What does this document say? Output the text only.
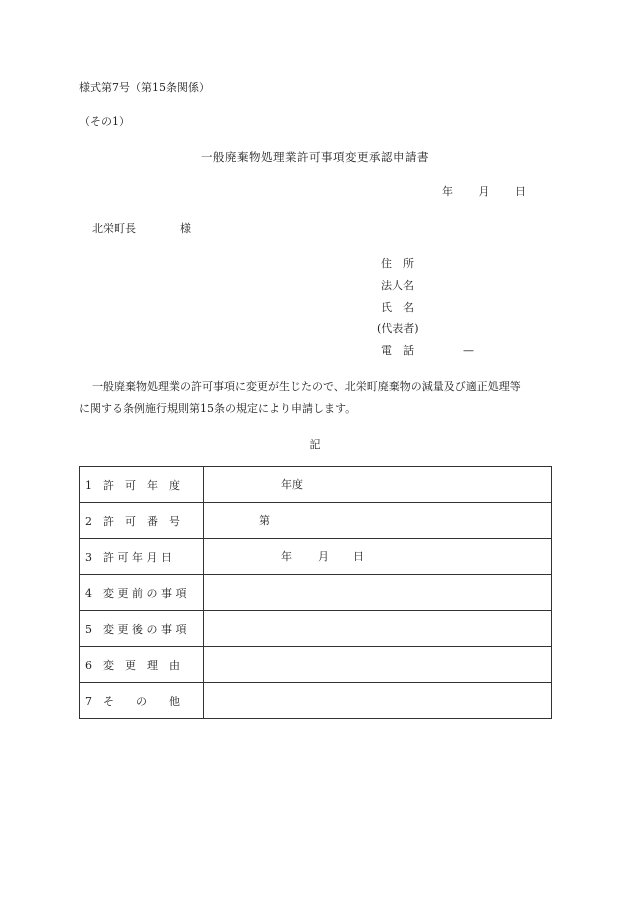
様式第7号（第15条関係）
（その1）
一般廃棄物処理業許可事項変更承認申請書
年 月 日
北栄町長	様
住　所
法人名
氏　名
(代表者)
電　話	—
一般廃棄物処理業の許可事項に変更が生じたので、北栄町廃棄物の減量及び適正処理等
に関する条例施行規則第15条の規定により申請します。
記
1　許　可　年　度	年度

2　許　可　番　号	第

3　許 可 年 月 日	年 月 日

4　変 更 前 の 事 項	
5　変 更 後 の 事 項	
6　変　更　理　由	
7　そ　　の　　他	
